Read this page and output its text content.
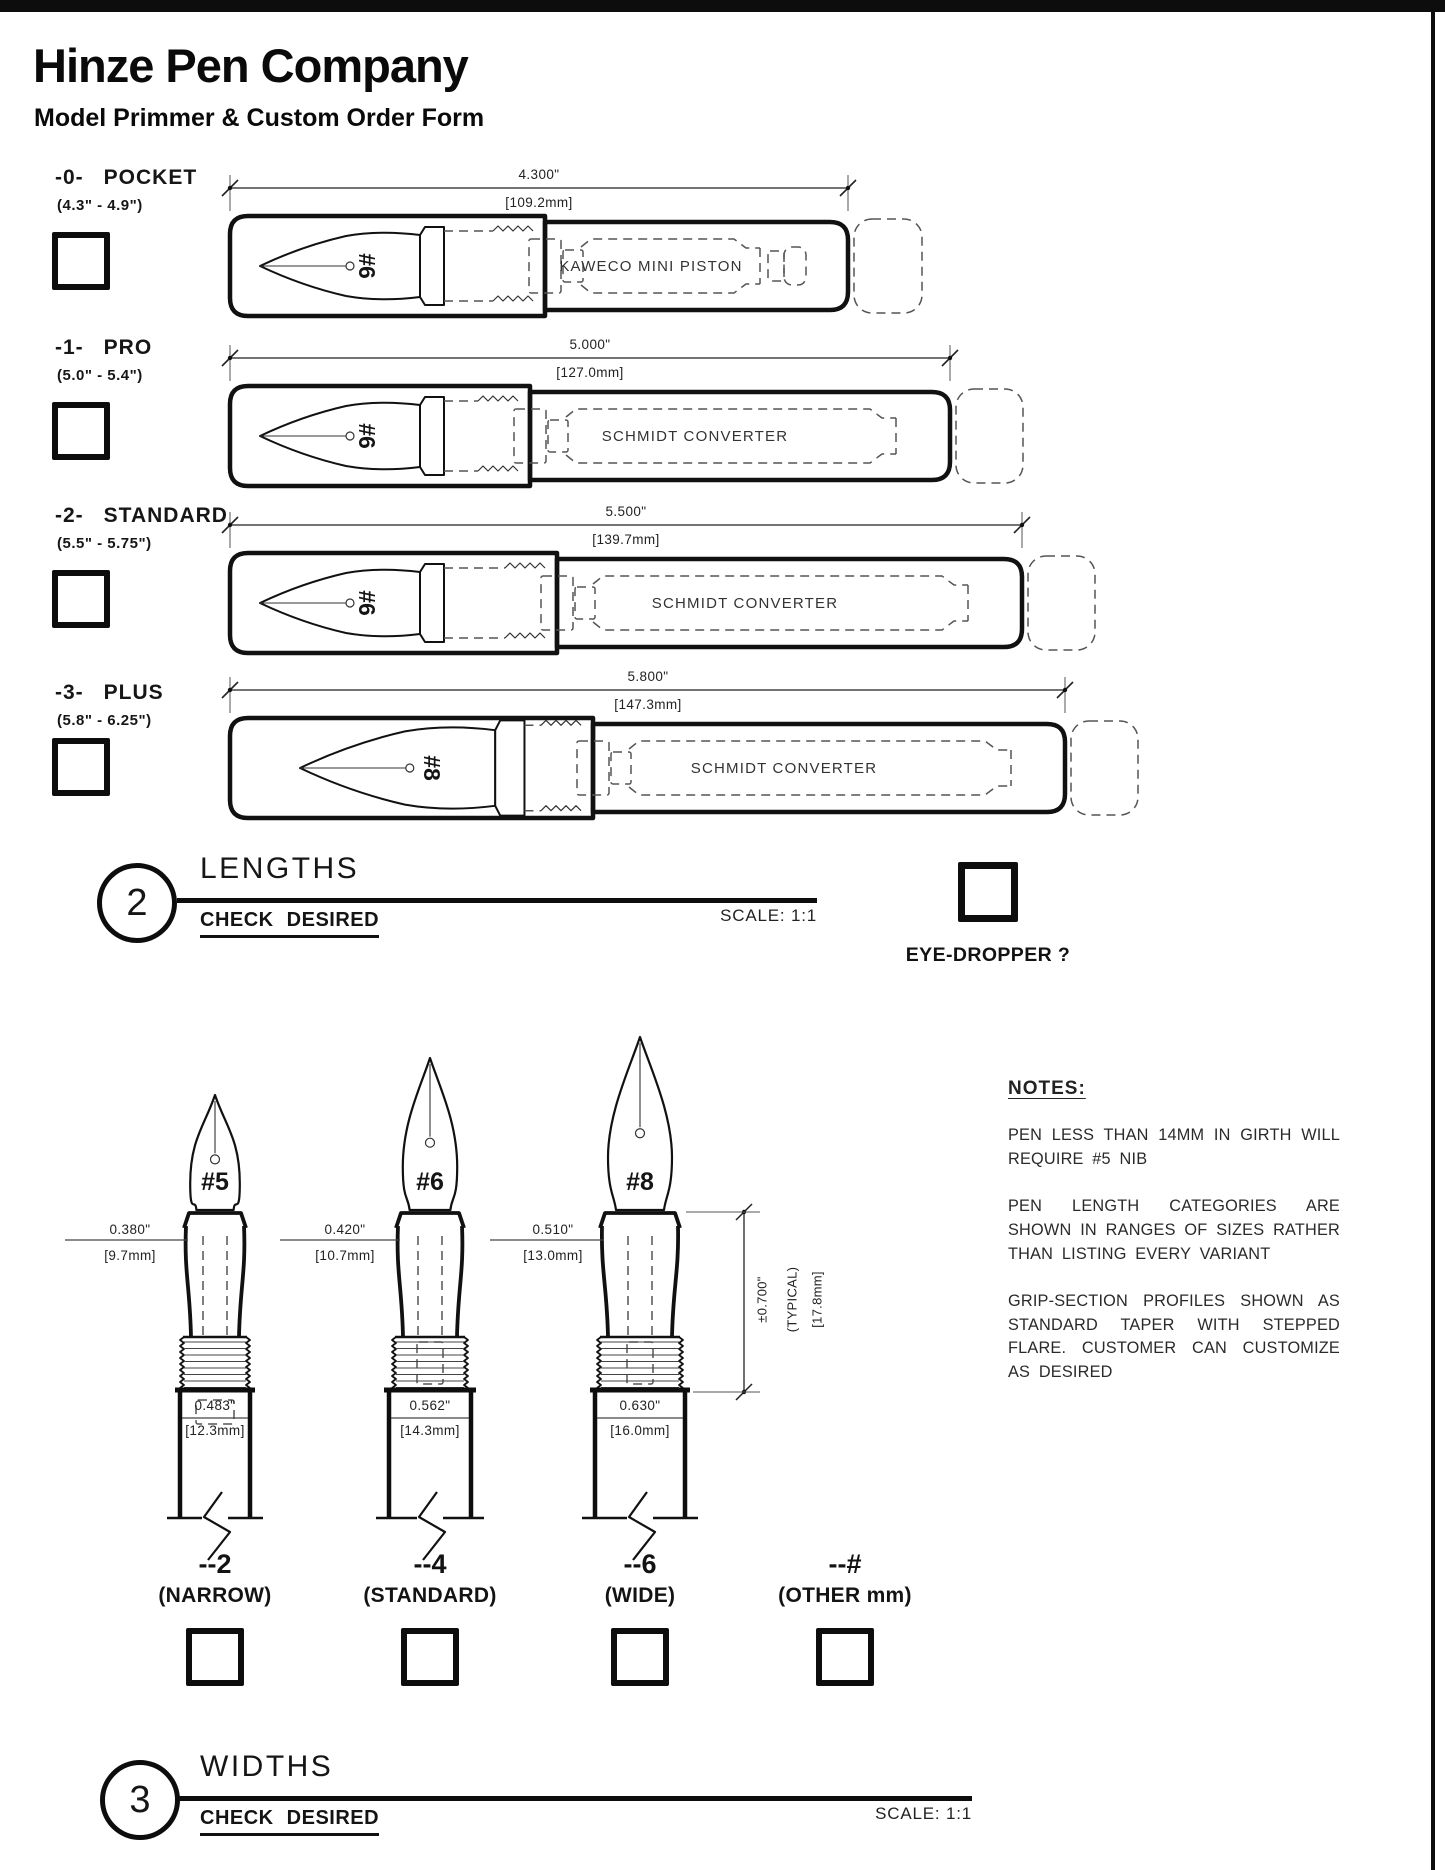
Hinze Pen Company
Model Primmer & Custom Order Form
-0- POCKET
(4.3" - 4.9")
-1- PRO
(5.0" - 5.4")
-2- STANDARD
(5.5" - 5.75")
-3- PLUS
(5.8" - 6.25")
4.300"
[109.2mm]
KAWECO MINI PISTON
#6
5.000"
[127.0mm]
SCHMIDT CONVERTER
#6
5.500"
[139.7mm]
SCHMIDT CONVERTER
#6
5.800"
[147.3mm]
SCHMIDT CONVERTER
#8
2
LENGTHS
CHECK DESIRED	SCALE: 1:1
EYE-DROPPER ?
#5
0.380"
[9.7mm]
0.483"
[12.3mm]
--2
(NARROW)
#6
0.420"
[10.7mm]
0.562"
[14.3mm]
--4
(STANDARD)
#8
0.510"
[13.0mm]
0.630"
[16.0mm]
--6
(WIDE)
±0.700" (TYPICAL) [17.8mm]
--#
(OTHER mm)
NOTES:

PEN LESS THAN 14MM IN GIRTH WILL REQUIRE #5 NIB

PEN LENGTH CATEGORIES ARE SHOWN IN RANGES OF SIZES RATHER THAN LISTING EVERY VARIANT

GRIP-SECTION PROFILES SHOWN AS STANDARD TAPER WITH STEPPED FLARE. CUSTOMER CAN CUSTOMIZE AS DESIRED

3
WIDTHS
CHECK DESIRED	SCALE: 1:1
